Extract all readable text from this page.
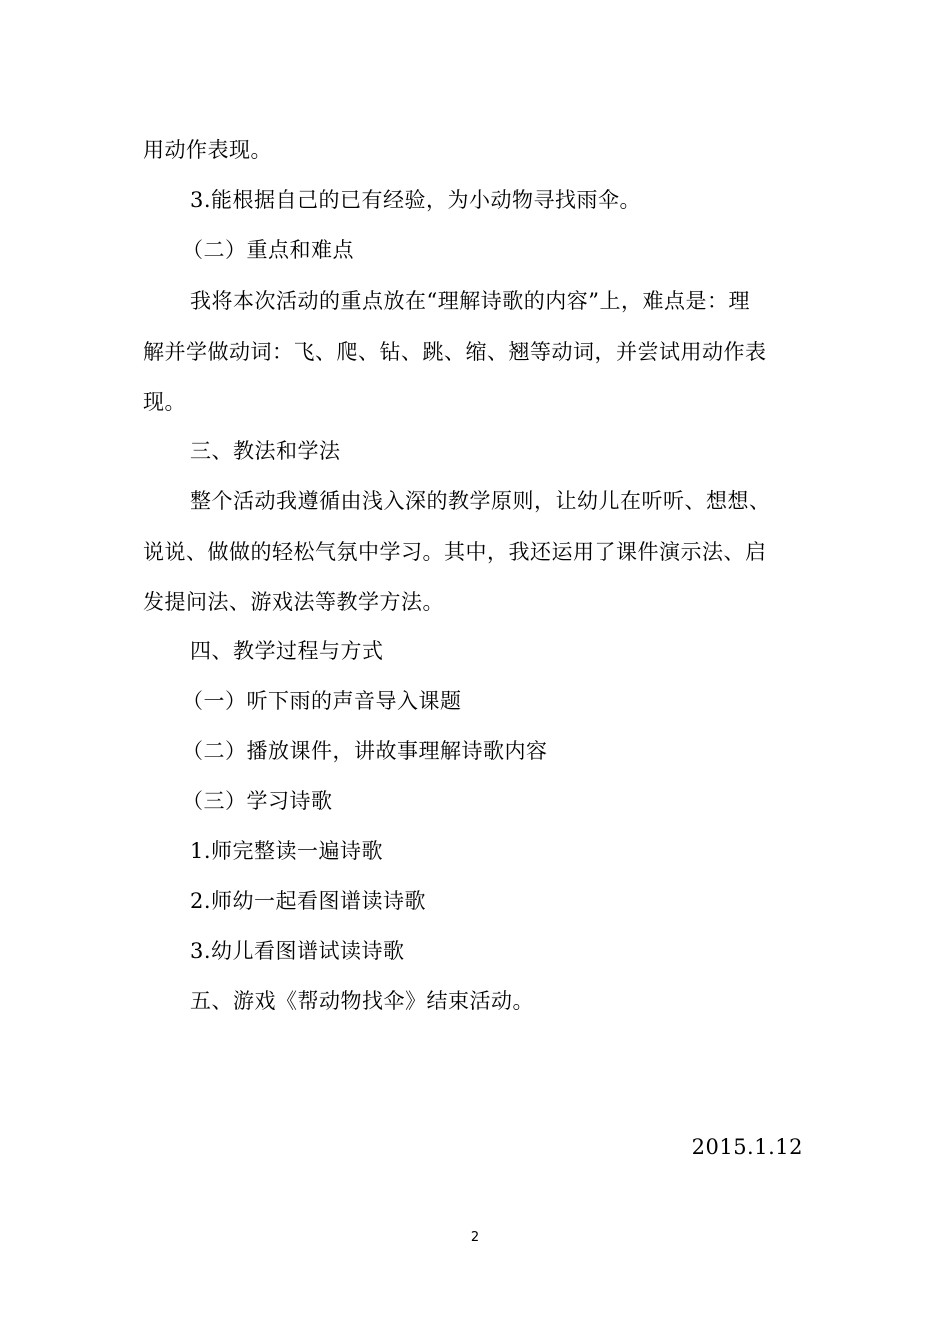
用动作表现。
3.能根据自己的已有经验，为小动物寻找雨伞。
（二）重点和难点
我将本次活动的重点放在“理解诗歌的内容”上，难点是：理
解并学做动词：飞、爬、钻、跳、缩、翘等动词，并尝试用动作表
现。
三、教法和学法
整个活动我遵循由浅入深的教学原则，让幼儿在听听、想想、
说说、做做的轻松气氛中学习。其中，我还运用了课件演示法、启
发提问法、游戏法等教学方法。
四、教学过程与方式
（一）听下雨的声音导入课题
（二）播放课件，讲故事理解诗歌内容
（三）学习诗歌
1.师完整读一遍诗歌
2.师幼一起看图谱读诗歌
3.幼儿看图谱试读诗歌
五、游戏《帮动物找伞》结束活动。
2015.1.12
2
